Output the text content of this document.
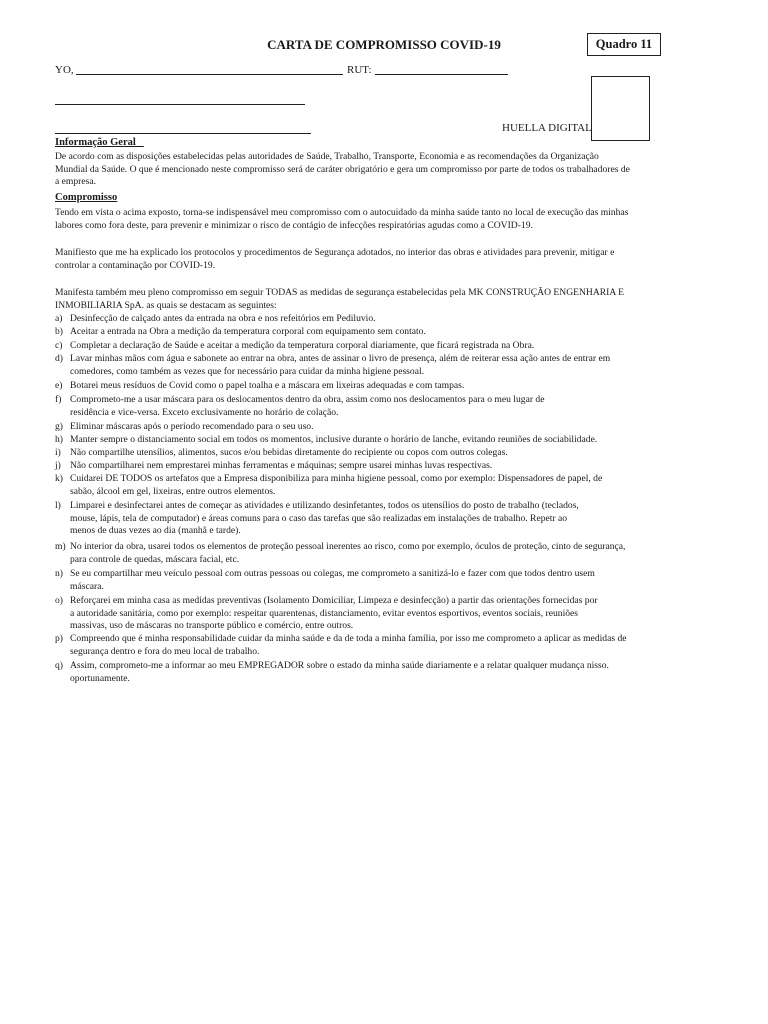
CARTA DE COMPROMISSO COVID-19	Quadro 11
YO,	RUT:
HUELLA DIGITAL
Informação Geral
De acordo com as disposições estabelecidas pelas autoridades de Saúde, Trabalho, Transporte, Economia e as recomendações da Organização
Mundial da Saúde. O que é mencionado neste compromisso será de caráter obrigatório e gera um compromisso por parte de todos os trabalhadores de
a empresa.
Compromisso
Tendo em vista o acima exposto, torna-se indispensável meu compromisso com o autocuidado da minha saúde tanto no local de execução das minhas
labores como fora deste, para prevenir e minimizar o risco de contágio de infecções respiratórias agudas como a COVID-19.
Manifiesto que me ha explicado los protocolos y procedimentos de Segurança adotados, no interior das obras e atividades para prevenir, mitigar e
controlar a contaminação por COVID-19.
Manifesta também meu pleno compromisso em seguir TODAS as medidas de segurança estabelecidas pela MK CONSTRUÇÃO ENGENHARIA E
INMOBILIARIA SpA. as quais se destacam as seguintes:
a) Desinfecção de calçado antes da entrada na obra e nos refeitórios em Pediluvio.
b) Aceitar a entrada na Obra a medição da temperatura corporal com equipamento sem contato.
c) Completar a declaração de Saúde e aceitar a medição da temperatura corporal diariamente, que ficará registrada na Obra.
d) Lavar minhas mãos com água e sabonete ao entrar na obra, antes de assinar o livro de presença, além de reiterar essa ação antes de entrar em
comedores, como também as vezes que for necessário para cuidar da minha higiene pessoal.
e) Botarei meus resíduos de Covid como o papel toalha e a máscara em lixeiras adequadas e com tampas.
f) Comprometo-me a usar máscara para os deslocamentos dentro da obra, assim como nos deslocamentos para o meu lugar de
residência e vice-versa. Exceto exclusivamente no horário de colação.
g) Eliminar máscaras após o período recomendado para o seu uso.
h) Manter sempre o distanciamento social em todos os momentos, inclusive durante o horário de lanche, evitando reuniões de sociabilidade.
i) Não compartilhe utensílios, alimentos, sucos e/ou bebidas diretamente do recipiente ou copos com outros colegas.
j) Não compartilharei nem emprestarei minhas ferramentas e máquinas; sempre usarei minhas luvas respectivas.
k) Cuidarei DE TODOS os artefatos que a Empresa disponibiliza para minha higiene pessoal, como por exemplo: Dispensadores de papel, de
sabão, álcool em gel, lixeiras, entre outros elementos.
l) Limparei e desinfectarei antes de começar as atividades e utilizando desinfetantes, todos os utensílios do posto de trabalho (teclados,
mouse, lápis, tela de computador) e áreas comuns para o caso das tarefas que são realizadas em instalações de trabalho. Repetr ao
menos de duas vezes ao dia (manhã e tarde).
m) No interior da obra, usarei todos os elementos de proteção pessoal inerentes ao risco, como por exemplo, óculos de proteção, cinto de segurança,
para controle de quedas, máscara facial, etc.
n) Se eu compartilhar meu veículo pessoal com outras pessoas ou colegas, me comprometo a sanitizá-lo e fazer com que todos dentro usem
máscara.
o) Reforçarei em minha casa as medidas preventivas (Isolamento Domiciliar, Limpeza e desinfecção) a partir das orientações fornecidas por
a autoridade sanitária, como por exemplo: respeitar quarentenas, distanciamento, evitar eventos esportivos, eventos sociais, reuniões
massivas, uso de máscaras no transporte público e comércio, entre outros.
p) Compreendo que é minha responsabilidade cuidar da minha saúde e da de toda a minha família, por isso me comprometo a aplicar as medidas de
segurança dentro e fora do meu local de trabalho.
q) Assim, comprometo-me a informar ao meu EMPREGADOR sobre o estado da minha saúde diariamente e a relatar qualquer mudança nisso.
oportunamente.
